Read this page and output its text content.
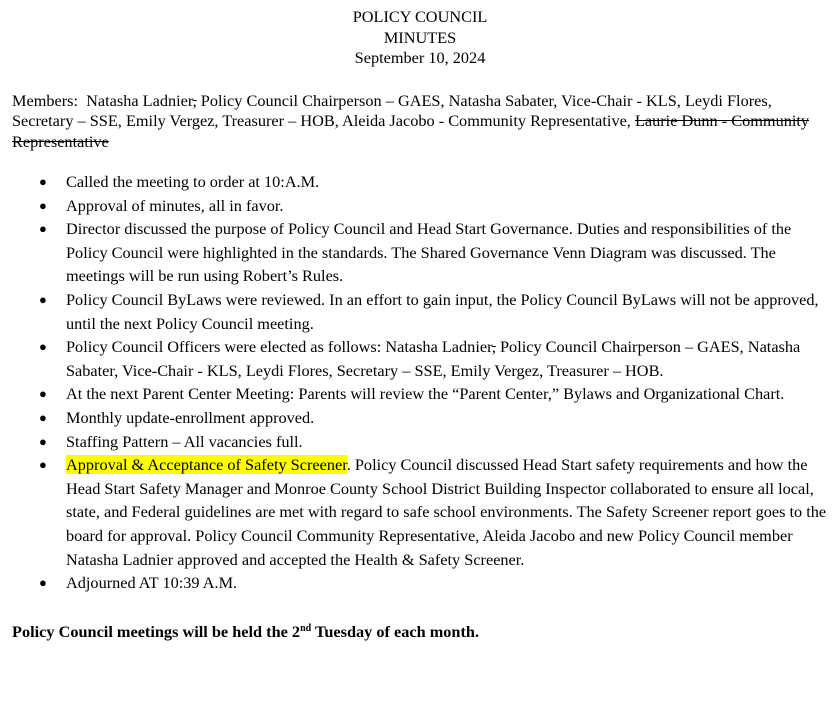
POLICY COUNCIL
MINUTES
September 10, 2024
Members: Natasha Ladnier, Policy Council Chairperson – GAES, Natasha Sabater, Vice-Chair - KLS, Leydi Flores, Secretary – SSE, Emily Vergez, Treasurer – HOB, Aleida Jacobo - Community Representative, Laurie Dunn - Community Representative
● Called the meeting to order at 10:A.M.
● Approval of minutes, all in favor.
● Director discussed the purpose of Policy Council and Head Start Governance. Duties and responsibilities of the Policy Council were highlighted in the standards. The Shared Governance Venn Diagram was discussed. The meetings will be run using Robert’s Rules.
● Policy Council ByLaws were reviewed. In an effort to gain input, the Policy Council ByLaws will not be approved, until the next Policy Council meeting.
● Policy Council Officers were elected as follows: Natasha Ladnier, Policy Council Chairperson – GAES, Natasha Sabater, Vice-Chair - KLS, Leydi Flores, Secretary – SSE, Emily Vergez, Treasurer – HOB.
● At the next Parent Center Meeting: Parents will review the “Parent Center,” Bylaws and Organizational Chart.
● Monthly update-enrollment approved.
● Staffing Pattern – All vacancies full.
● Approval & Acceptance of Safety Screener. Policy Council discussed Head Start safety requirements and how the Head Start Safety Manager and Monroe County School District Building Inspector collaborated to ensure all local, state, and Federal guidelines are met with regard to safe school environments. The Safety Screener report goes to the board for approval. Policy Council Community Representative, Aleida Jacobo and new Policy Council member Natasha Ladnier approved and accepted the Health & Safety Screener.
● Adjourned AT 10:39 A.M.
Policy Council meetings will be held the 2nd Tuesday of each month.
